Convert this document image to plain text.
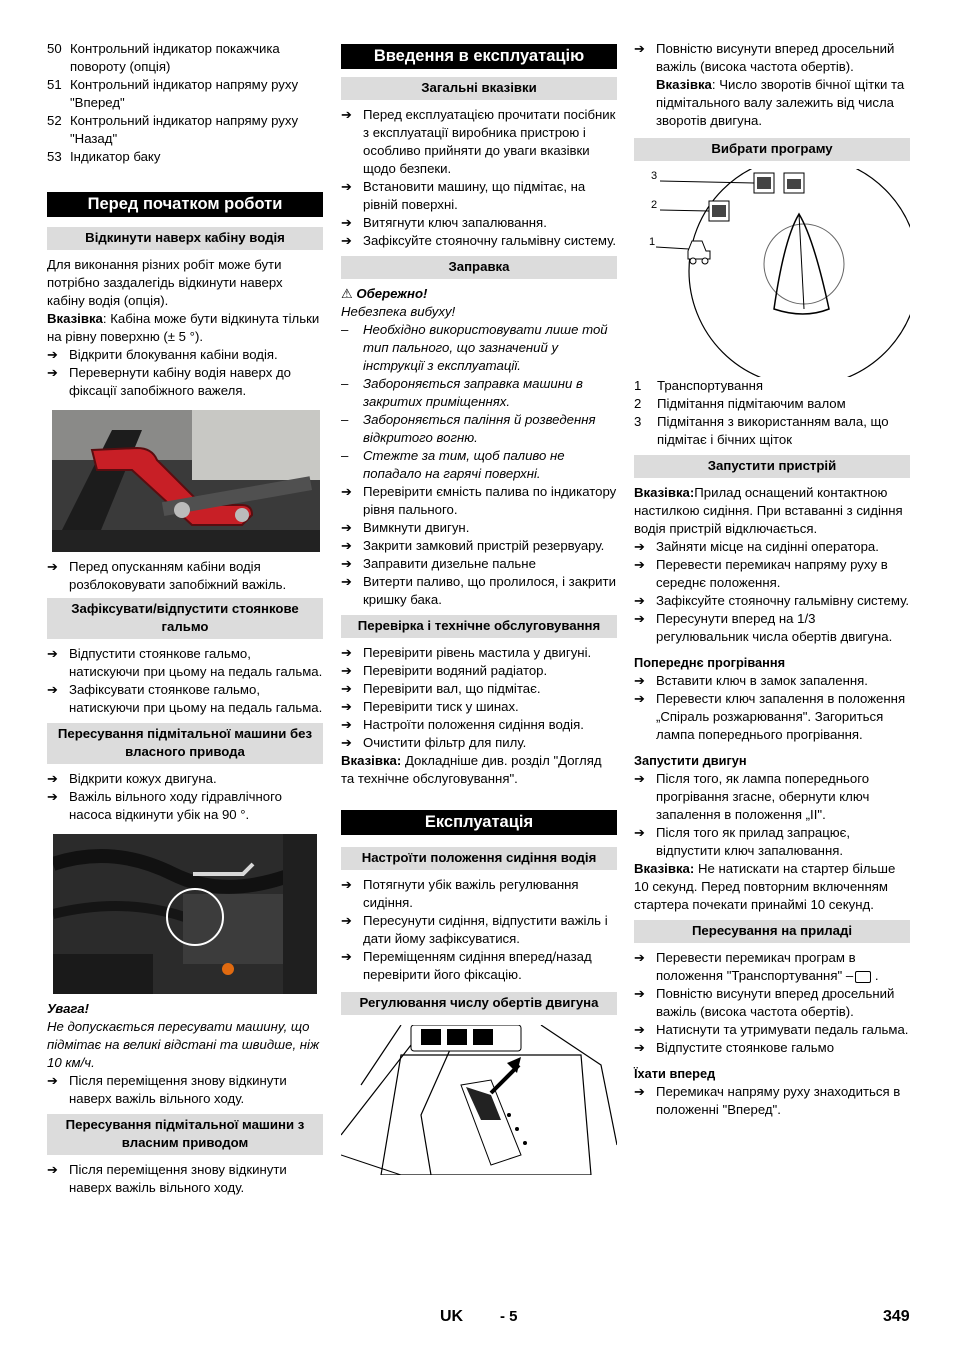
50 Контрольний індикатор покажчика повороту (опція)
51 Контрольний індикатор напряму руху "Вперед"
52 Контрольний індикатор напряму руху "Назад"
53 Індикатор баку
Перед початком роботи
Відкинути наверх кабіну водія

Для виконання різних робіт може бути потрібно заздалегідь відкинути наверх кабіну водія (опція).

Вказівка: Кабіна може бути відкинута тільки на рівну поверхню (± 5 °).

➔ Відкрити блокування кабіни водія.
➔ Перевернути кабіну водія наверх до фіксації запобіжного важеля.
➔ Перед опусканням кабіни водія розблоковувати запобіжний важіль.
Зафіксувати/відпустити стоянкове гальмо
➔ Відпустити стоянкове гальмо, натискуючи при цьому на педаль гальма.
➔ Зафіксувати стоянкове гальмо, натискуючи при цьому на педаль гальма.
Пересування підмітальної машини без власного привода
➔ Відкрити кожух двигуна.
➔ Важіль вільного ходу гідравлічного насоса відкинути убік на 90 °.

Увага!

Не допускається пересувати машину, що підмітає на великі відстані та швидше, ніж 10 км/ч.

➔ Після переміщення знову відкинути наверх важіль вільного ходу.
Пересування підмітальної машини з власним приводом
➔ Після переміщення знову відкинути наверх важіль вільного ходу.
Введення в експлуатацію
Загальні вказівки
➔ Перед експлуатацією прочитати посібник з експлуатації виробника пристрою і особливо прийняти до уваги вказівки щодо безпеки.
➔ Встановити машину, що підмітає, на рівній поверхні.
➔ Витягнути ключ запалювання.
➔ Зафіксуйте стояночну гальмівну систему.
Заправка

⚠ Обережно!

Небезпека вибуху!

–	Необхідно використовувати лише той тип пального, що зазначений у інструкції з експлуатації.
–	Забороняється заправка машини в закритих приміщеннях.
–	Забороняється паління й розведення відкритого вогню.
–	Стежте за тим, щоб паливо не попадало на гарячі поверхні.
➔ Перевірити ємність палива по індикатору рівня пального.
➔ Вимкнути двигун.
➔ Закрити замковий пристрій резервуару.
➔ Заправити дизельне пальне
➔ Витерти паливо, що пролилося, і закрити кришку бака.
Перевірка і технічне обслуговування
➔ Перевірити рівень мастила у двигуні.
➔ Перевірити водяний радіатор.
➔ Перевірити вал, що підмітає.
➔ Перевірити тиск у шинах.
➔ Настроїти положення сидіння водія.
➔ Очистити фільтр для пилу.

Вказівка: Докладніше див. розділ "Догляд та технічне обслуговування".

Експлуатація
Настроїти положення сидіння водія
➔ Потягнути убік важіль регулювання сидіння.
➔ Пересунути сидіння, відпустити важіль і дати йому зафіксуватися.
➔ Переміщенням сидіння вперед/назад перевірити його фіксацію.
Регулювання числу обертів двигуна
➔ Повністю висунути вперед дросельний важіль (висока частота обертів).

Вказівка: Число зворотів бічної щітки та підмітального валу залежить від числа зворотів двигуна.

Вибрати програму
3
2
1
1	Транспортування
2	Підмітання підмітаючим валом
3	Підмітання з використанням вала, що підмітає і бічних щіток
Запустити пристрій

Вказівка:Прилад оснащений контактною настилкою сидіння. При вставанні з сидіння водія пристрій відключається.

➔ Зайняти місце на сидінні оператора.
➔ Перевести перемикач напряму руху в середнє положення.
➔ Зафіксуйте стояночну гальмівну систему.
➔ Пересунути вперед на 1/3 регулювальник числа обертів двигуна.

Попереднє прогрівання

➔ Вставити ключ в замок запалення.
➔ Перевести ключ запалення в положення „Спіраль розжарювання". Загориться лампа попереднього прогрівання.

Запустити двигун

➔ Після того, як лампа попереднього прогрівання згасне, обернути ключ запалення в положення „II".
➔ Після того як прилад запрацює, відпустити ключ запалювання.

Вказівка: Не натискати на стартер більше 10 секунд. Перед повторним включенням стартера почекати принаймі 10 секунд.

Пересування на приладі
➔ Перевести перемикач програм в положення "Транспортування" – .
➔ Повністю висунути вперед дросельний важіль (висока частота обертів).
➔ Натиснути та утримувати педаль гальма.
➔ Відпустите стоянкове гальмо

Їхати вперед

➔ Перемикач напряму руху знаходиться в положенні "Вперед".
UK - 5	349
